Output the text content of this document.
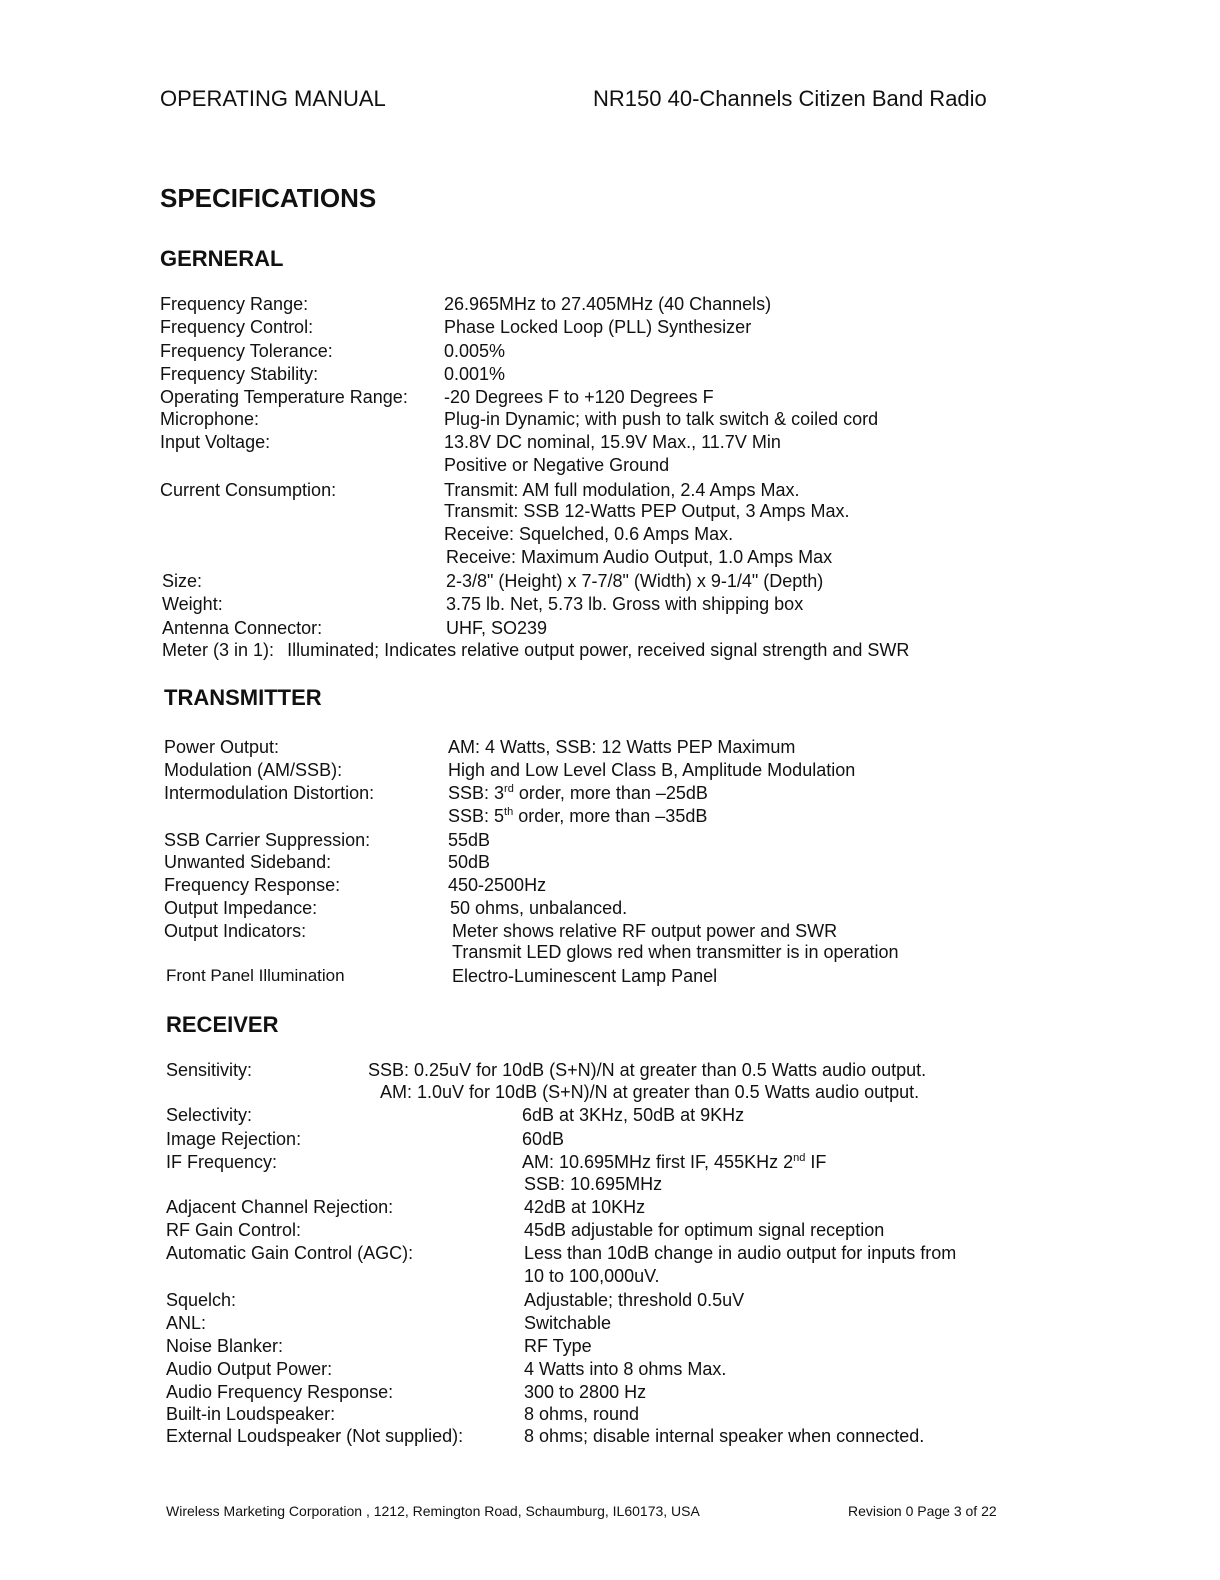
OPERATING MANUAL	NR150 40-Channels Citizen Band Radio
SPECIFICATIONS
GERNERAL
Frequency Range:	26.965MHz to 27.405MHz (40 Channels)
Frequency Control:	Phase Locked Loop (PLL) Synthesizer
Frequency Tolerance:	0.005%
Frequency Stability:	0.001%
Operating Temperature Range: -20 Degrees F to +120 Degrees F
Microphone:	Plug-in Dynamic; with push to talk switch & coiled cord
Input Voltage:	13.8V DC nominal, 15.9V Max., 11.7V Min
Positive or Negative Ground
Current Consumption:	Transmit: AM full modulation, 2.4 Amps Max.
Transmit: SSB 12-Watts PEP Output, 3 Amps Max.
Receive: Squelched, 0.6 Amps Max.
Receive: Maximum Audio Output, 1.0 Amps Max
Size:	2-3/8" (Height) x 7-7/8" (Width) x 9-1/4" (Depth)
Weight:	3.75 lb. Net, 5.73 lb. Gross with shipping box
Antenna Connector:	UHF, SO239
Meter (3 in 1): Illuminated; Indicates relative output power, received signal strength and SWR
TRANSMITTER
Power Output:	AM: 4 Watts, SSB: 12 Watts PEP Maximum
Modulation (AM/SSB):	High and Low Level Class B, Amplitude Modulation
Intermodulation Distortion:	SSB: 3rd order, more than –25dB
SSB: 5th order, more than –35dB
SSB Carrier Suppression:	55dB
Unwanted Sideband:	50dB
Frequency Response:	450-2500Hz
Output Impedance:	50 ohms, unbalanced.
Output Indicators:	Meter shows relative RF output power and SWR
Transmit LED glows red when transmitter is in operation
Front Panel Illumination	Electro-Luminescent Lamp Panel
RECEIVER
Sensitivity:	SSB: 0.25uV for 10dB (S+N)/N at greater than 0.5 Watts audio output.
AM: 1.0uV for 10dB (S+N)/N at greater than 0.5 Watts audio output.
Selectivity:	6dB at 3KHz, 50dB at 9KHz
Image Rejection:	60dB
IF Frequency:	AM: 10.695MHz first IF, 455KHz 2nd IF
SSB: 10.695MHz
Adjacent Channel Rejection:	42dB at 10KHz
RF Gain Control:	45dB adjustable for optimum signal reception
Automatic Gain Control (AGC):	Less than 10dB change in audio output for inputs from
10 to 100,000uV.
Squelch:	Adjustable; threshold 0.5uV
ANL:	Switchable
Noise Blanker:	RF Type
Audio Output Power:	4 Watts into 8 ohms Max.
Audio Frequency Response:	300 to 2800 Hz
Built-in Loudspeaker:	8 ohms, round
External Loudspeaker (Not supplied):	8 ohms; disable internal speaker when connected.
Wireless Marketing Corporation , 1212, Remington Road, Schaumburg, IL60173, USA	Revision 0 Page 3 of 22
